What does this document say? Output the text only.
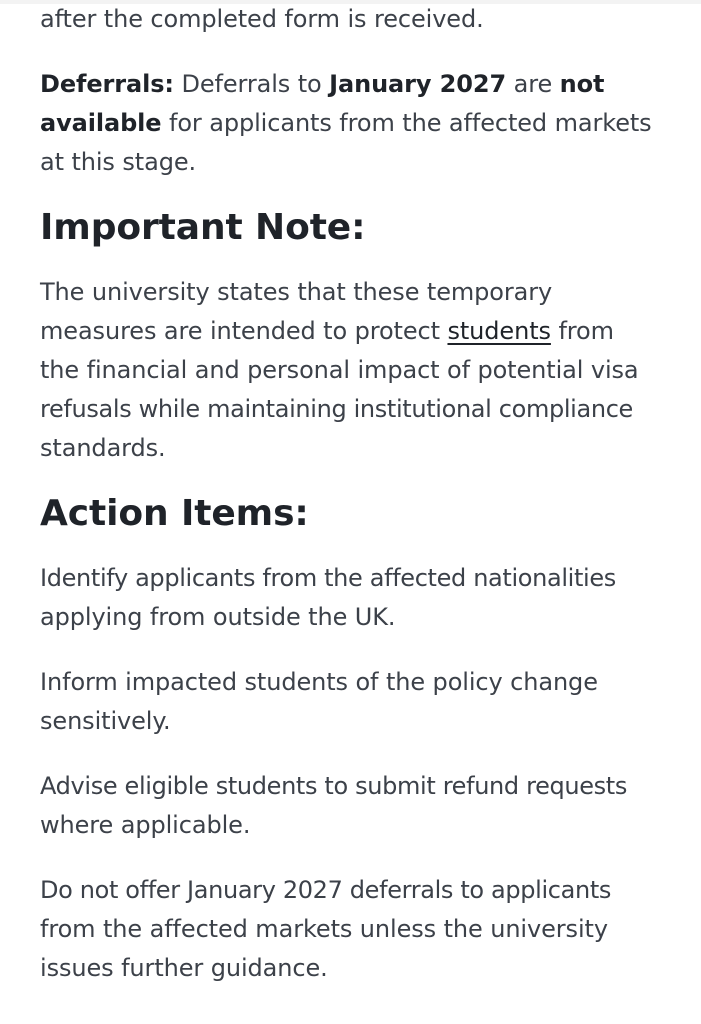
after the completed form is received.

Deferrals: Deferrals to January 2027 are not
available for applicants from the affected markets
at this stage.

Important Note:

The university states that these temporary
measures are intended to protect students from
the financial and personal impact of potential visa
refusals while maintaining institutional compliance
standards.

Action Items:

Identify applicants from the affected nationalities
applying from outside the UK.

Inform impacted students of the policy change
sensitively.

Advise eligible students to submit refund requests
where applicable.

Do not offer January 2027 deferrals to applicants
from the affected markets unless the university
issues further guidance.
